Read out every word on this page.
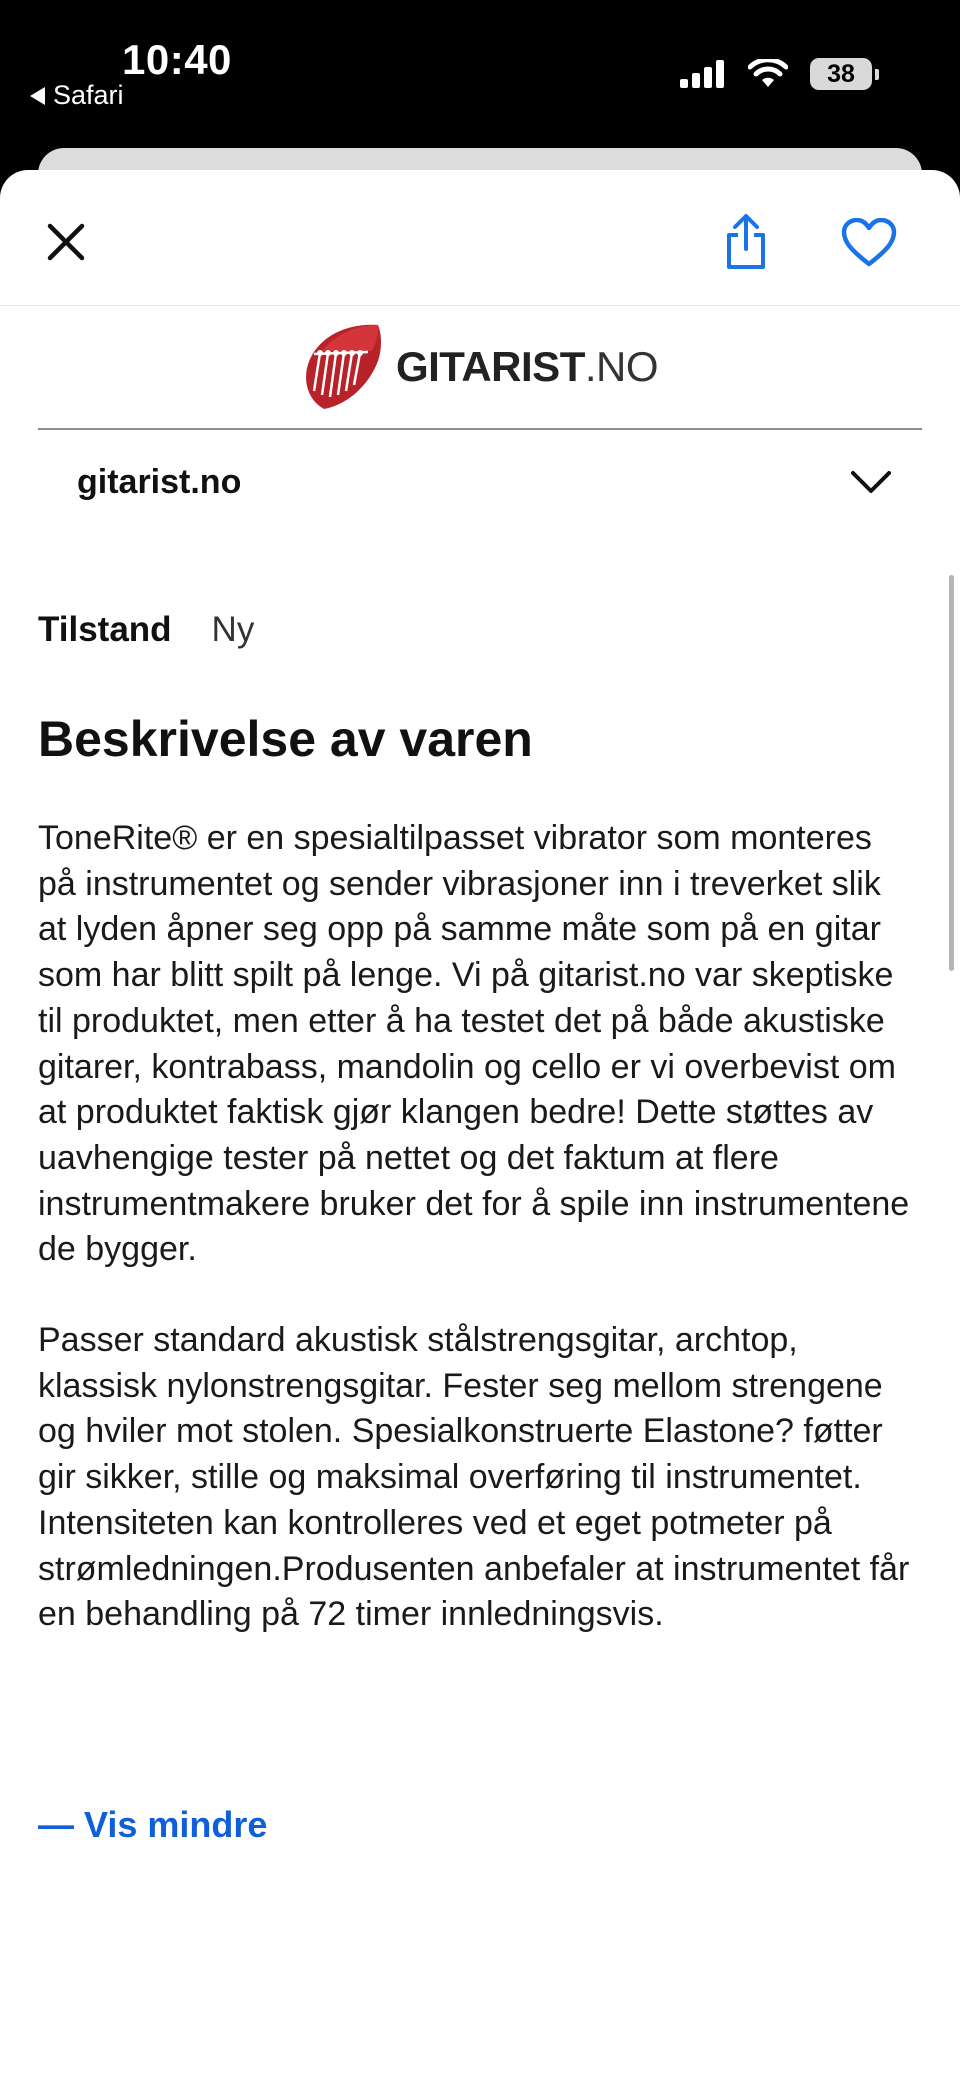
10:40
Safari
38
GITARIST.NO
gitarist.no
Tilstand Ny
Beskrivelse av varen

ToneRite® er en spesialtilpasset vibrator som monteres på instrumentet og sender vibrasjoner inn i treverket slik at lyden åpner seg opp på samme måte som på en gitar som har blitt spilt på lenge. Vi på gitarist.no var skeptiske til produktet, men etter å ha testet det på både akustiske gitarer, kontrabass, mandolin og cello er vi overbevist om at produktet faktisk gjør klangen bedre! Dette støttes av uavhengige tester på nettet og det faktum at flere instrumentmakere bruker det for å spile inn instrumentene de bygger.

Passer standard akustisk stålstrengsgitar, archtop, klassisk nylonstrengsgitar. Fester seg mellom strengene og hviler mot stolen. Spesialkonstruerte Elastone? føtter gir sikker, stille og maksimal overføring til instrumentet. Intensiteten kan kontrolleres ved et eget potmeter på strømledningen.Produsenten anbefaler at instrumentet får en behandling på 72 timer innledningsvis.

— Vis mindre
